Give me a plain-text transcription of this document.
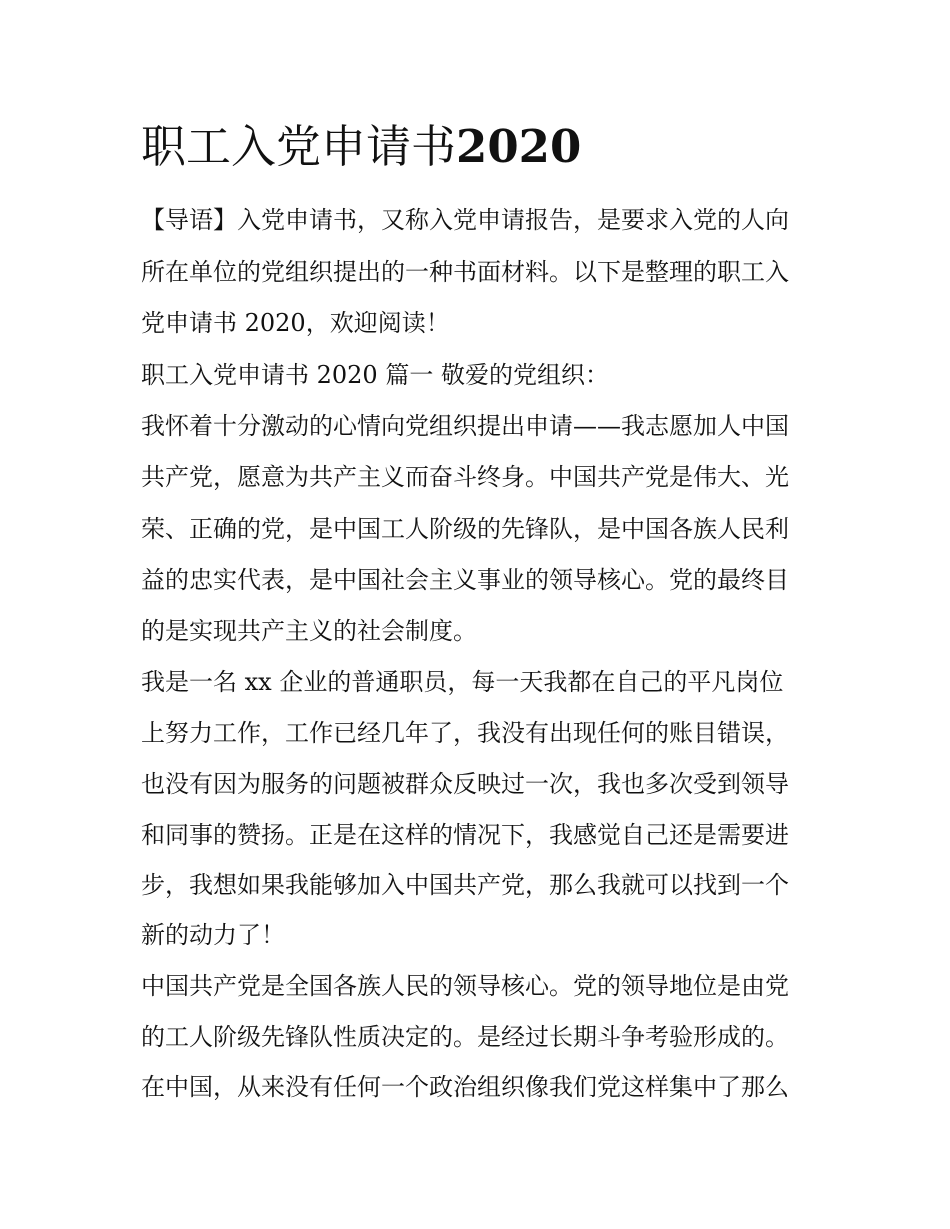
职工入党申请书2020

【导语】入党申请书，又称入党申请报告，是要求入党的人向

所在单位的党组织提出的一种书面材料。以下是整理的职工入

党申请书 2020，欢迎阅读！

职工入党申请书 2020 篇一 敬爱的党组织：

我怀着十分激动的心情向党组织提出申请——我志愿加人中国

共产党，愿意为共产主义而奋斗终身。中国共产党是伟大、光

荣、正确的党，是中国工人阶级的先锋队，是中国各族人民利

益的忠实代表，是中国社会主义事业的领导核心。党的最终目

的是实现共产主义的社会制度。

我是一名 xx 企业的普通职员，每一天我都在自己的平凡岗位

上努力工作，工作已经几年了，我没有出现任何的账目错误，

也没有因为服务的问题被群众反映过一次，我也多次受到领导

和同事的赞扬。正是在这样的情况下，我感觉自己还是需要进

步，我想如果我能够加入中国共产党，那么我就可以找到一个

新的动力了！

中国共产党是全国各族人民的领导核心。党的领导地位是由党

的工人阶级先锋队性质决定的。是经过长期斗争考验形成的。

在中国，从来没有任何一个政治组织像我们党这样集中了那么
